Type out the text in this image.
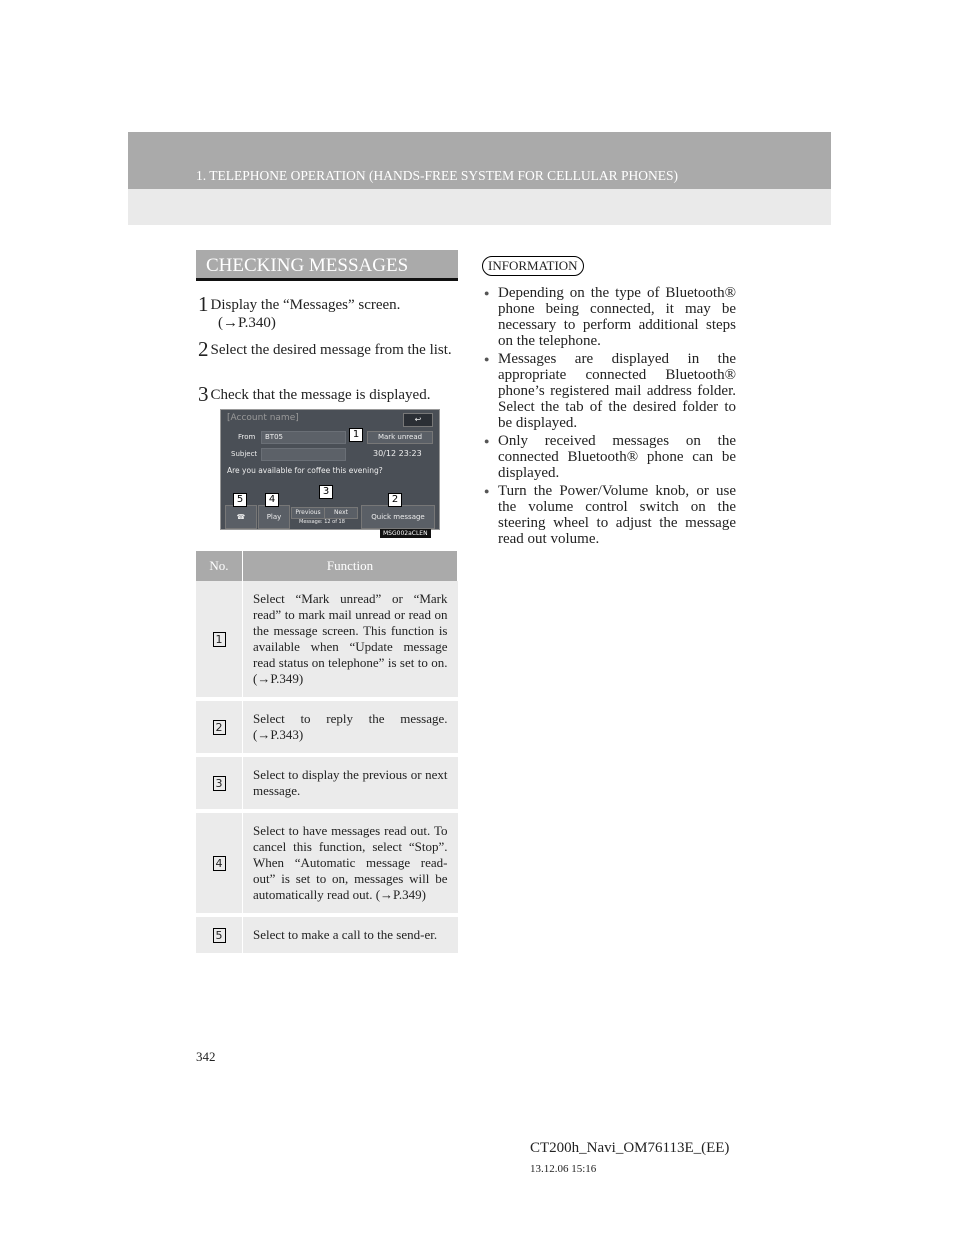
1. TELEPHONE OPERATION (HANDS-FREE SYSTEM FOR CELLULAR PHONES)
CHECKING MESSAGES
1 Display the “Messages” screen.
(→P.340)
2 Select the desired message from the list.
3 Check that the message is displayed.
[Account name]	↩
From	BT05	Mark unread
Subject	30/12 23:23
Are you available for coffee this evening?
☎	Play
Previous	Next
Message: 12 of 18
Quick message
1
2
3
4
5
MSG002aCLEN
No.	Function
1	Select “Mark unread” or “Mark read” to mark mail unread or read on the message screen. This function is available when “Update message read status on telephone” is set to on. (→P.349)
2	Select to reply the message. (→P.343)
3	Select to display the previous or next message.
4	Select to have messages read out. To cancel this function, select “Stop”. When “Automatic message read-out” is set to on, messages will be automatically read out. (→P.349)
5	Select to make a call to the send-er.
INFORMATION
● Depending on the type of Bluetooth® phone being connected, it may be necessary to perform additional steps on the telephone.
● Messages are displayed in the appropriate connected Bluetooth® phone’s registered mail address folder. Select the tab of the desired folder to be displayed.
● Only received messages on the connected Bluetooth® phone can be displayed.
● Turn the Power/Volume knob, or use the volume control switch on the steering wheel to adjust the message read out volume.
342
CT200h_Navi_OM76113E_(EE)
13.12.06 15:16
